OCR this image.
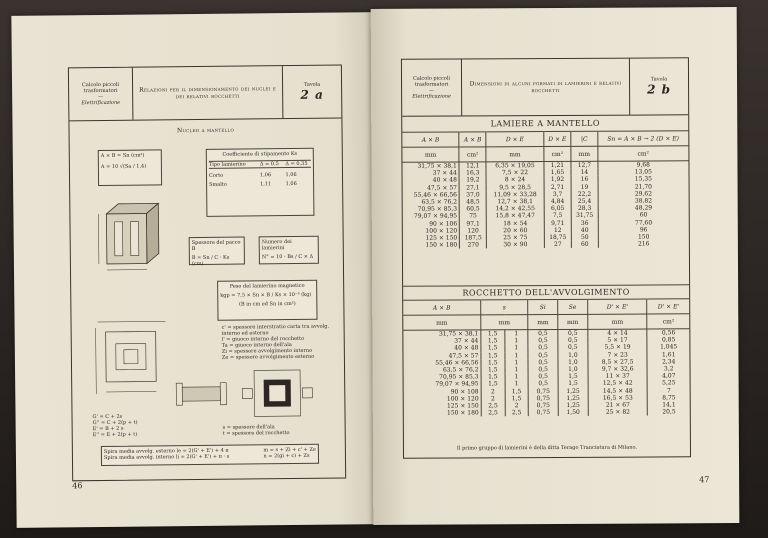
Calcolo piccoli trasformatori
—
Elettrificazione
Relazioni per il dimensionamento dei nuclei e dei relativi rocchetti
Tavola
2 a
Nucleo a mantello
A × B = Sn (cm²)
A = 10 √(Sa / 1,4)
Coefficiente di stipamento Ks
Tipo lamierino	Δ = 0,5	Δ = 0,35
Corto	1,06	1,06
Smalto	1,11	1,06
Spessore del pacco B
B = Sn / C · Ks (cm)
Numero dei lamierini
N° = 10 · Bs / C × Δ
Peso del lamierino magnetico
kgp = 7,5 × Sn × B / Ks × 10⁻³ (kg)
(B in cm ed Sn in cm²)
c' = spessore interstratio carta tra avvolg. interno ed esterno
l' = giuoco interno del rocchetto
Ta = giuoco interno dell'ala
Zi = spessore avvolgimento interno
Ze = spessore avvolgimento esterno
G' = C + 2s
G'' = C + 2(p + t)
E' = B + 2 s
E'' = E + 2(p + t)
s = spessore dell'ala
t = spessore del rocchetto
Spira media avvolg. esterno le = 2(G' + E') + 4 π
Spira media avvolg. interno li = 2(G' + E') + π · s
m = s + Zi + c' + Ze
n = 2(gi + c) + Zs
46
Calcolo piccoli trasformatori
—
Elettrificazione
Dimensioni di alcuni formati di lamierini e relativi rocchetti
Tavola
2 b
LAMIERE A MANTELLO
A × B	A × B	D × E	D × E	|C	Sn = A × B → 2 (D × E)
mm	cm²	mm	cm²	mm	cm²
31,75 × 38,1	12,1	6,35 × 19,05	1,21	12,7	9,68
37 × 44	16,3	7,5 × 22	1,65	14	13,05
40 × 48	19,2	8 × 24	1,92	16	15,35
47,5 × 57	27,1	9,5 × 28,5	2,71	19	21,70
55,46 × 66,56	37,0	11,09 × 33,28	3,7	22,2	29,62
63,5 × 76,2	48,5	12,7 × 38,1	4,84	25,4	38,82
70,95 × 85,3	60,5	14,2 × 42,55	6,05	28,3	48,29
79,07 × 94,95	75	15,8 × 47,47	7,5	31,75	60

90 × 106	97,1	18 × 54	9,71	36	77,60
100 × 120	120	20 × 60	12	40	96
125 × 150	187,5	25 × 75	18,75	50	150
150 × 180	270	30 × 90	27	60	216
ROCCHETTO DELL'AVVOLGIMENTO
A × B	s		Si	Se	D' × E'	D' × E'
mm	mm		mm	mm	mm	cm²
31,75 × 38,1	1,5	1	0,5	0,5	4 × 14	0,56
37 × 44	1,5	1	0,5	0,5	5 × 17	0,85
40 × 48	1,5	1	0,5	0,5	5,5 × 19	1,045
47,5 × 57	1,5	1	0,5	1,0	7 × 23	1,61
55,46 × 66,56	1,5	1	0,5	1,0	8,5 × 27,5	2,34
63,5 × 76,2	1,5	1	0,5	1,0	9,7 × 32,6	3,2
70,95 × 85,3	1,5	1	0,5	1,5	11 × 37	4,07
79,07 × 94,95	1,5	1	0,5	1,5	12,5 × 42	5,25

90 × 108	2	1,5	0,75	1,25	14,5 × 48	7
100 × 120	2	1,5	0,75	1,25	16,5 × 53	8,75
125 × 150	2,5	2	0,75	1,25	21 × 67	14,1
150 × 180	2,5	2,5	0,75	1,50	25 × 82	20,5
Il primo gruppo di lamierini è della ditta Terago Tranciatura di Milano.
47
